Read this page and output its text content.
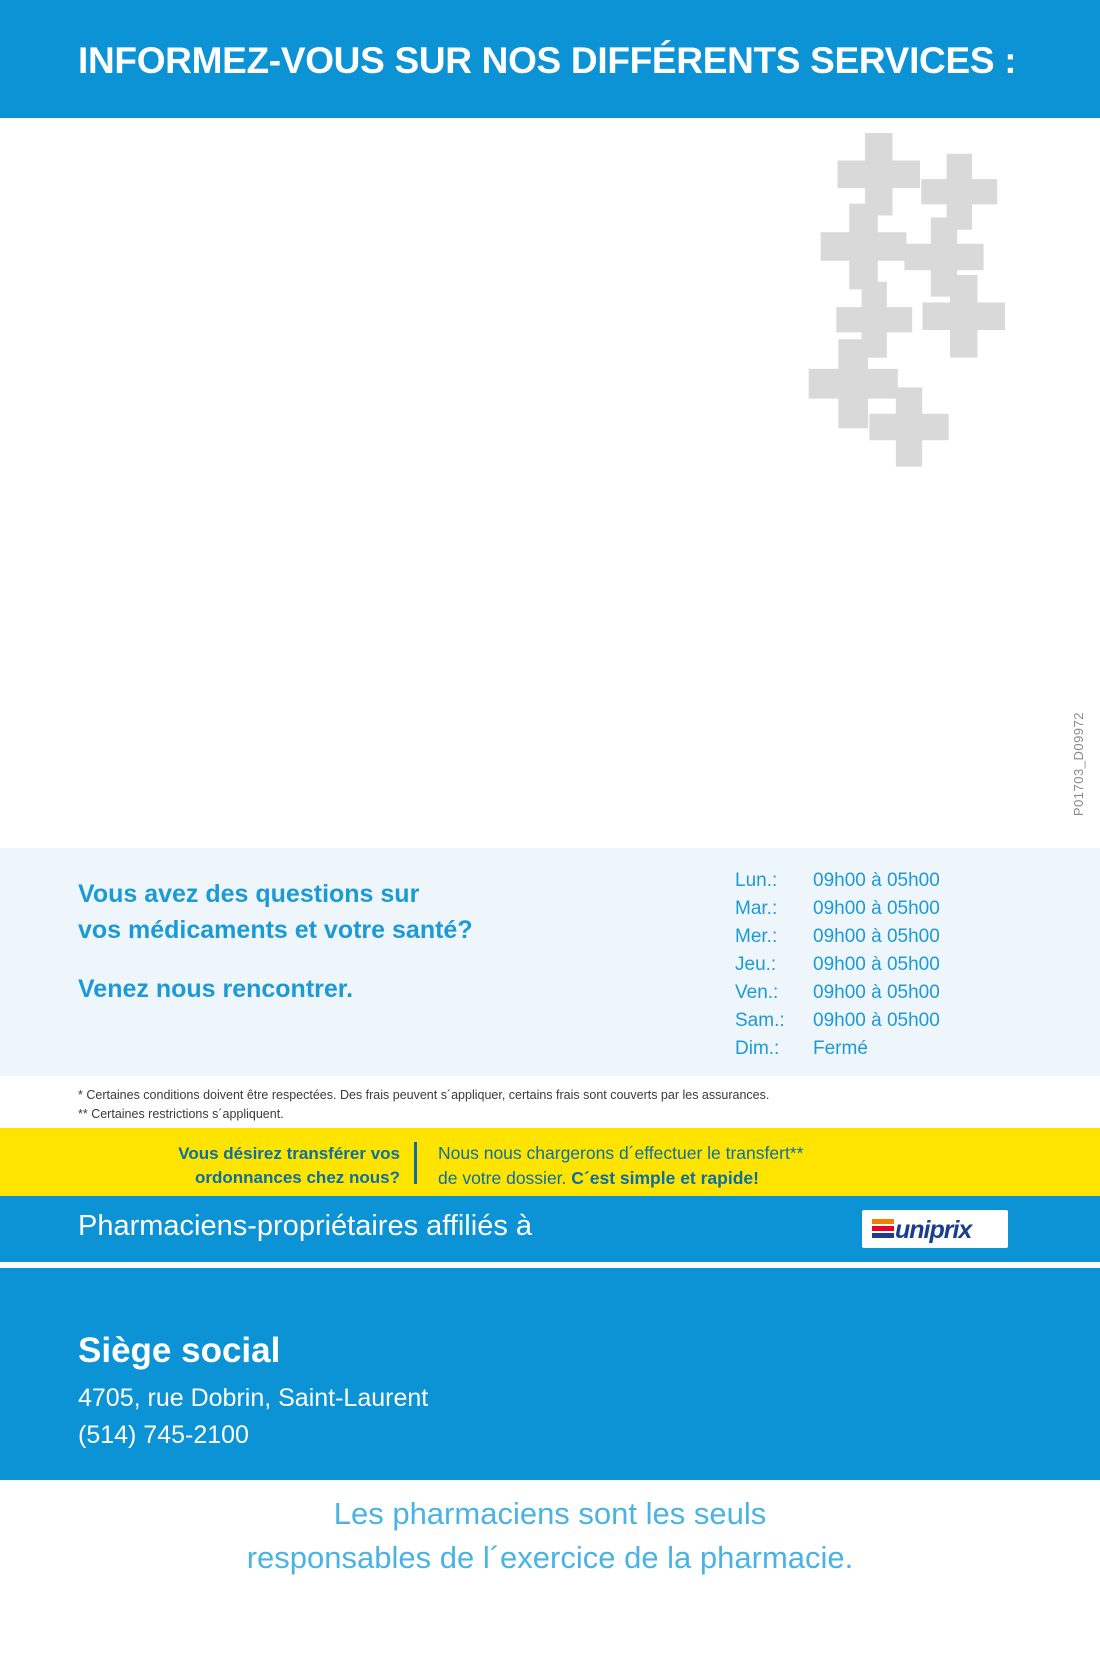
INFORMEZ-VOUS SUR NOS DIFFÉRENTS SERVICES :
P01703_D09972
Vous avez des questions sur
vos médicaments et votre santé?
Venez nous rencontrer.
Lun.:	09h00 à 05h00
Mar.:	09h00 à 05h00
Mer.:	09h00 à 05h00
Jeu.:	09h00 à 05h00
Ven.:	09h00 à 05h00
Sam.:	09h00 à 05h00
Dim.:	Fermé
* Certaines conditions doivent être respectées. Des frais peuvent s´appliquer, certains frais sont couverts par les assurances.
** Certaines restrictions s´appliquent.
Vous désirez transférer vos
ordonnances chez nous?
Nous nous chargerons d´effectuer le transfert**
de votre dossier. C´est simple et rapide!
Pharmaciens-propriétaires affiliés à	uniprix
Siège social
4705, rue Dobrin, Saint-Laurent
(514) 745-2100
Les pharmaciens sont les seuls
responsables de l´exercice de la pharmacie.
